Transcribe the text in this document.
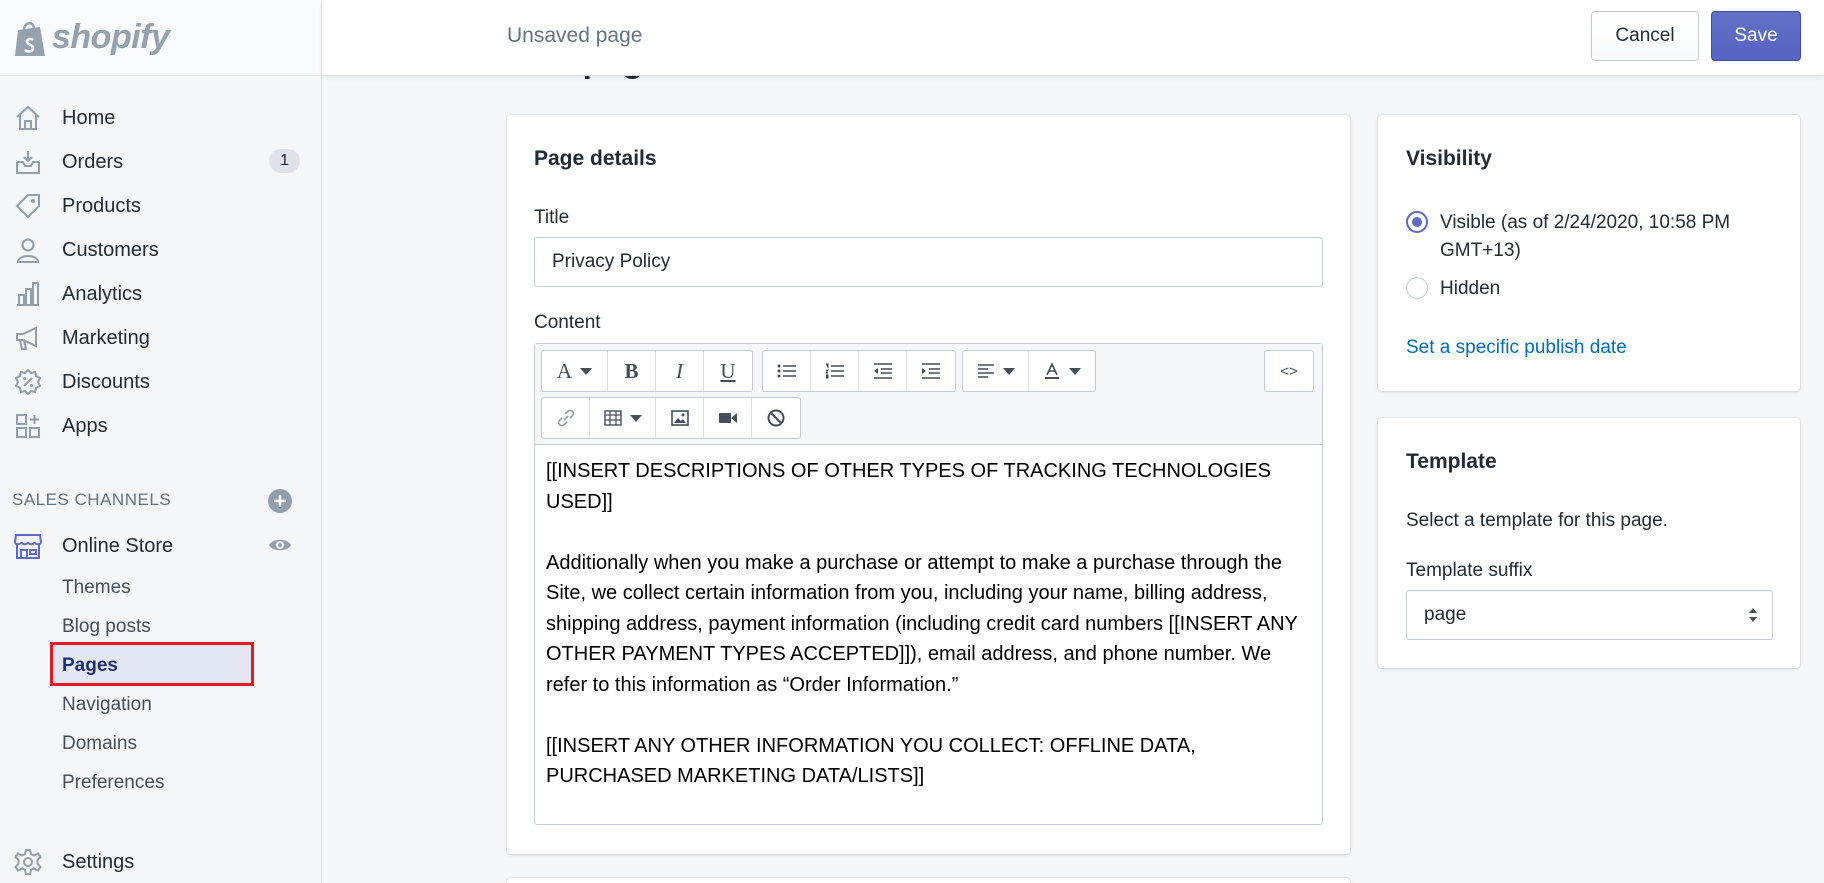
shopify
Home
Orders	1
Products
Customers
Analytics
Marketing
Discounts
Apps
SALES CHANNELS
Online Store
Themes
Blog posts
Pages
Navigation
Domains
Preferences
Settings
Unsaved page	Cancel	Save
Page details
Title
Privacy Policy
Content
A B I U	<>

[[INSERT DESCRIPTIONS OF OTHER TYPES OF TRACKING TECHNOLOGIES USED]]

Additionally when you make a purchase or attempt to make a purchase through the Site, we collect certain information from you, including your name, billing address, shipping address, payment information (including credit card numbers [[INSERT ANY OTHER PAYMENT TYPES ACCEPTED]]), email address, and phone number. We refer to this information as “Order Information.”

[[INSERT ANY OTHER INFORMATION YOU COLLECT: OFFLINE DATA, PURCHASED MARKETING DATA/LISTS]]

Visibility
Visible (as of 2/24/2020, 10:58 PM GMT+13)
Hidden
Set a specific publish date
Template
Select a template for this page.
Template suffix
page
